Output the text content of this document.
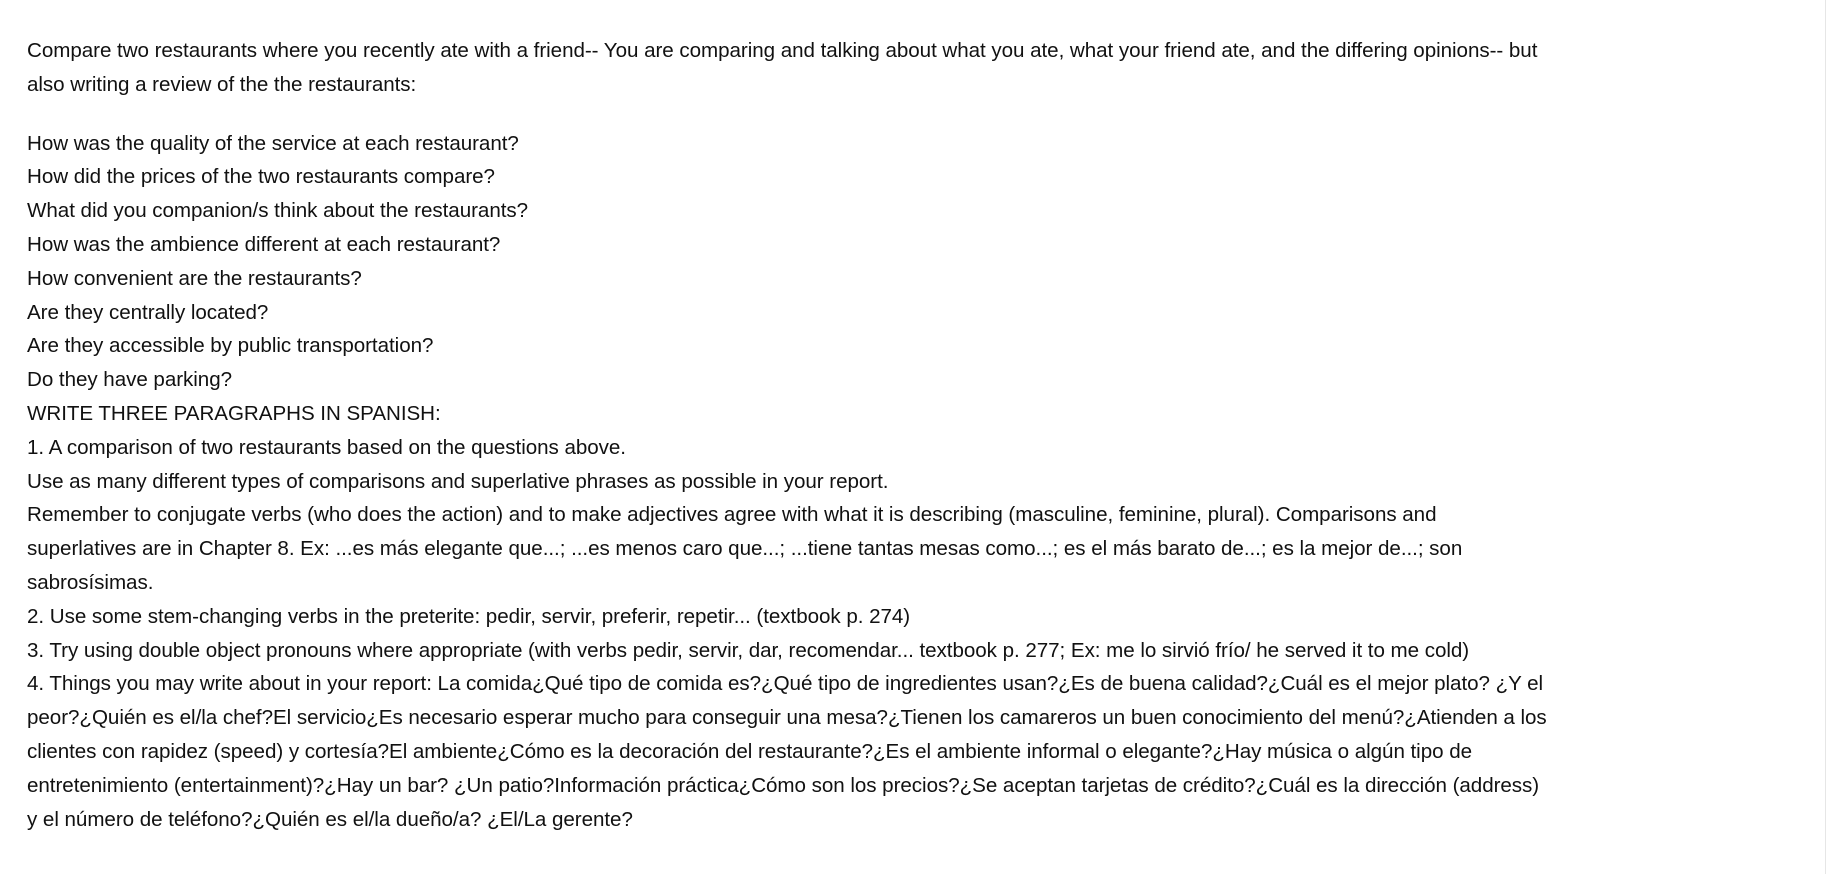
Compare two restaurants where you recently ate with a friend-- You are comparing and talking about what you ate, what your friend ate, and the differing opinions-- but also writing a review of the the restaurants:

How was the quality of the service at each restaurant?

How did the prices of the two restaurants compare?

What did you companion/s think about the restaurants?

How was the ambience different at each restaurant?

How convenient are the restaurants?

Are they centrally located?

Are they accessible by public transportation?

Do they have parking?

WRITE THREE PARAGRAPHS IN SPANISH:

1. A comparison of two restaurants based on the questions above.

Use as many different types of comparisons and superlative phrases as possible in your report.

Remember to conjugate verbs (who does the action) and to make adjectives agree with what it is describing (masculine, feminine, plural). Comparisons and superlatives are in Chapter 8. Ex: ...es más elegante que...; ...es menos caro que...; ...tiene tantas mesas como...; es el más barato de...; es la mejor de...; son sabrosísimas.

2. Use some stem-changing verbs in the preterite: pedir, servir, preferir, repetir... (textbook p. 274)

3. Try using double object pronouns where appropriate (with verbs pedir, servir, dar, recomendar... textbook p. 277; Ex: me lo sirvió frío/ he served it to me cold)

4. Things you may write about in your report: La comida¿Qué tipo de comida es?¿Qué tipo de ingredientes usan?¿Es de buena calidad?¿Cuál es el mejor plato? ¿Y el peor?¿Quién es el/la chef?El servicio¿Es necesario esperar mucho para conseguir una mesa?¿Tienen los camareros un buen conocimiento del menú?¿Atienden a los clientes con rapidez (speed) y cortesía?El ambiente¿Cómo es la decoración del restaurante?¿Es el ambiente informal o elegante?¿Hay música o algún tipo de entretenimiento (entertainment)?¿Hay un bar? ¿Un patio?Información práctica¿Cómo son los precios?¿Se aceptan tarjetas de crédito?¿Cuál es la dirección (address) y el número de teléfono?¿Quién es el/la dueño/a? ¿El/La gerente?
